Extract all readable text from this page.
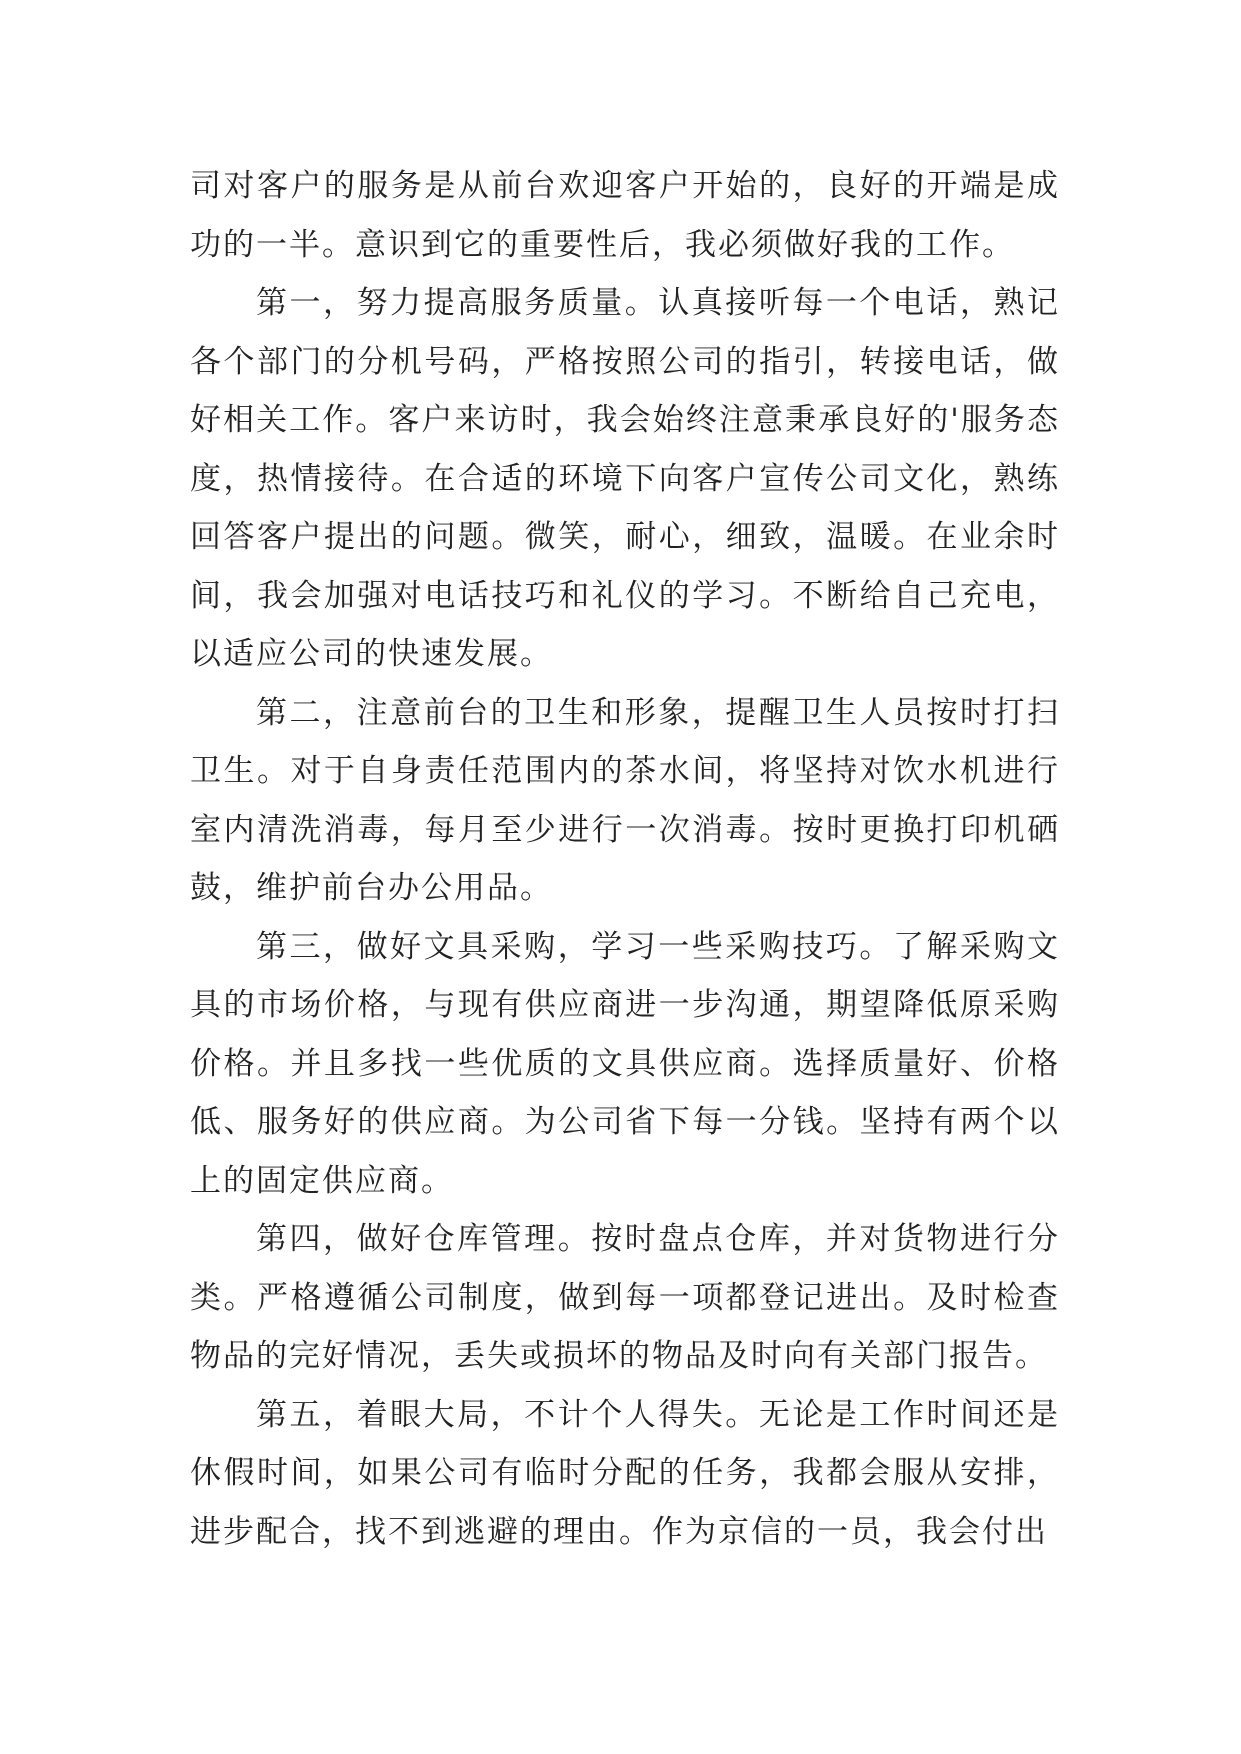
司对客户的服务是从前台欢迎客户开始的，良好的开端是成功的一半。意识到它的重要性后，我必须做好我的工作。

第一，努力提高服务质量。认真接听每一个电话，熟记各个部门的分机号码，严格按照公司的指引，转接电话，做好相关工作。客户来访时，我会始终注意秉承良好的'服务态度，热情接待。在合适的环境下向客户宣传公司文化，熟练回答客户提出的问题。微笑，耐心，细致，温暖。在业余时间，我会加强对电话技巧和礼仪的学习。不断给自己充电，以适应公司的快速发展。

第二，注意前台的卫生和形象，提醒卫生人员按时打扫卫生。对于自身责任范围内的茶水间，将坚持对饮水机进行室内清洗消毒，每月至少进行一次消毒。按时更换打印机硒鼓，维护前台办公用品。

第三，做好文具采购，学习一些采购技巧。了解采购文具的市场价格，与现有供应商进一步沟通，期望降低原采购价格。并且多找一些优质的文具供应商。选择质量好、价格低、服务好的供应商。为公司省下每一分钱。坚持有两个以上的固定供应商。

第四，做好仓库管理。按时盘点仓库，并对货物进行分类。严格遵循公司制度，做到每一项都登记进出。及时检查物品的完好情况，丢失或损坏的物品及时向有关部门报告。

第五，着眼大局，不计个人得失。无论是工作时间还是休假时间，如果公司有临时分配的任务，我都会服从安排，进步配合，找不到逃避的理由。作为京信的一员，我会付出
